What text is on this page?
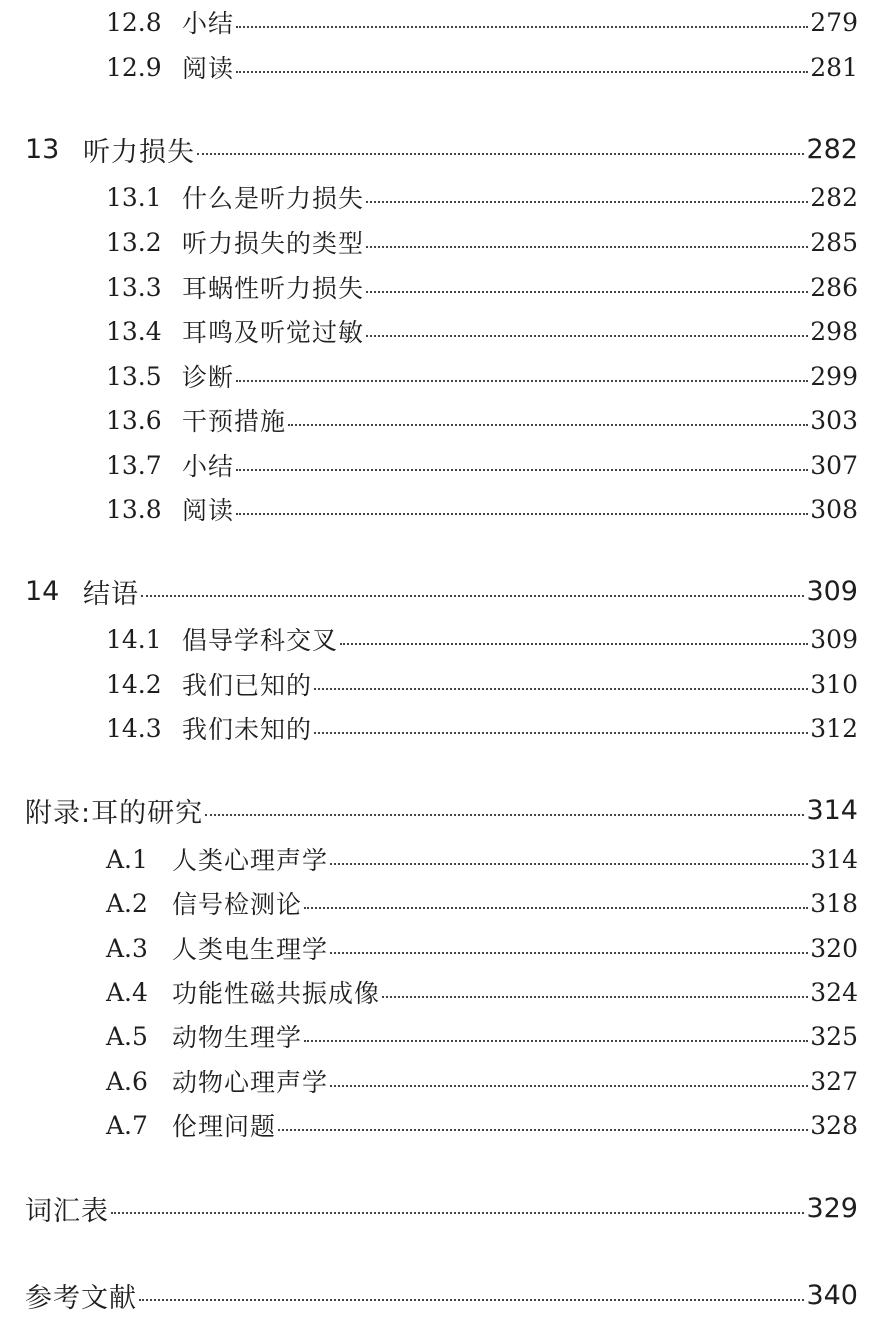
12.8 小结	279
12.9 阅读	281
13 听力损失	282
13.1 什么是听力损失	282
13.2 听力损失的类型	285
13.3 耳蜗性听力损失	286
13.4 耳鸣及听觉过敏	298
13.5 诊断	299
13.6 干预措施	303
13.7 小结	307
13.8 阅读	308
14 结语	309
14.1 倡导学科交叉	309
14.2 我们已知的	310
14.3 我们未知的	312
附录:耳的研究	314
A.1 人类心理声学	314
A.2 信号检测论	318
A.3 人类电生理学	320
A.4 功能性磁共振成像	324
A.5 动物生理学	325
A.6 动物心理声学	327
A.7 伦理问题	328
词汇表	329
参考文献	340
